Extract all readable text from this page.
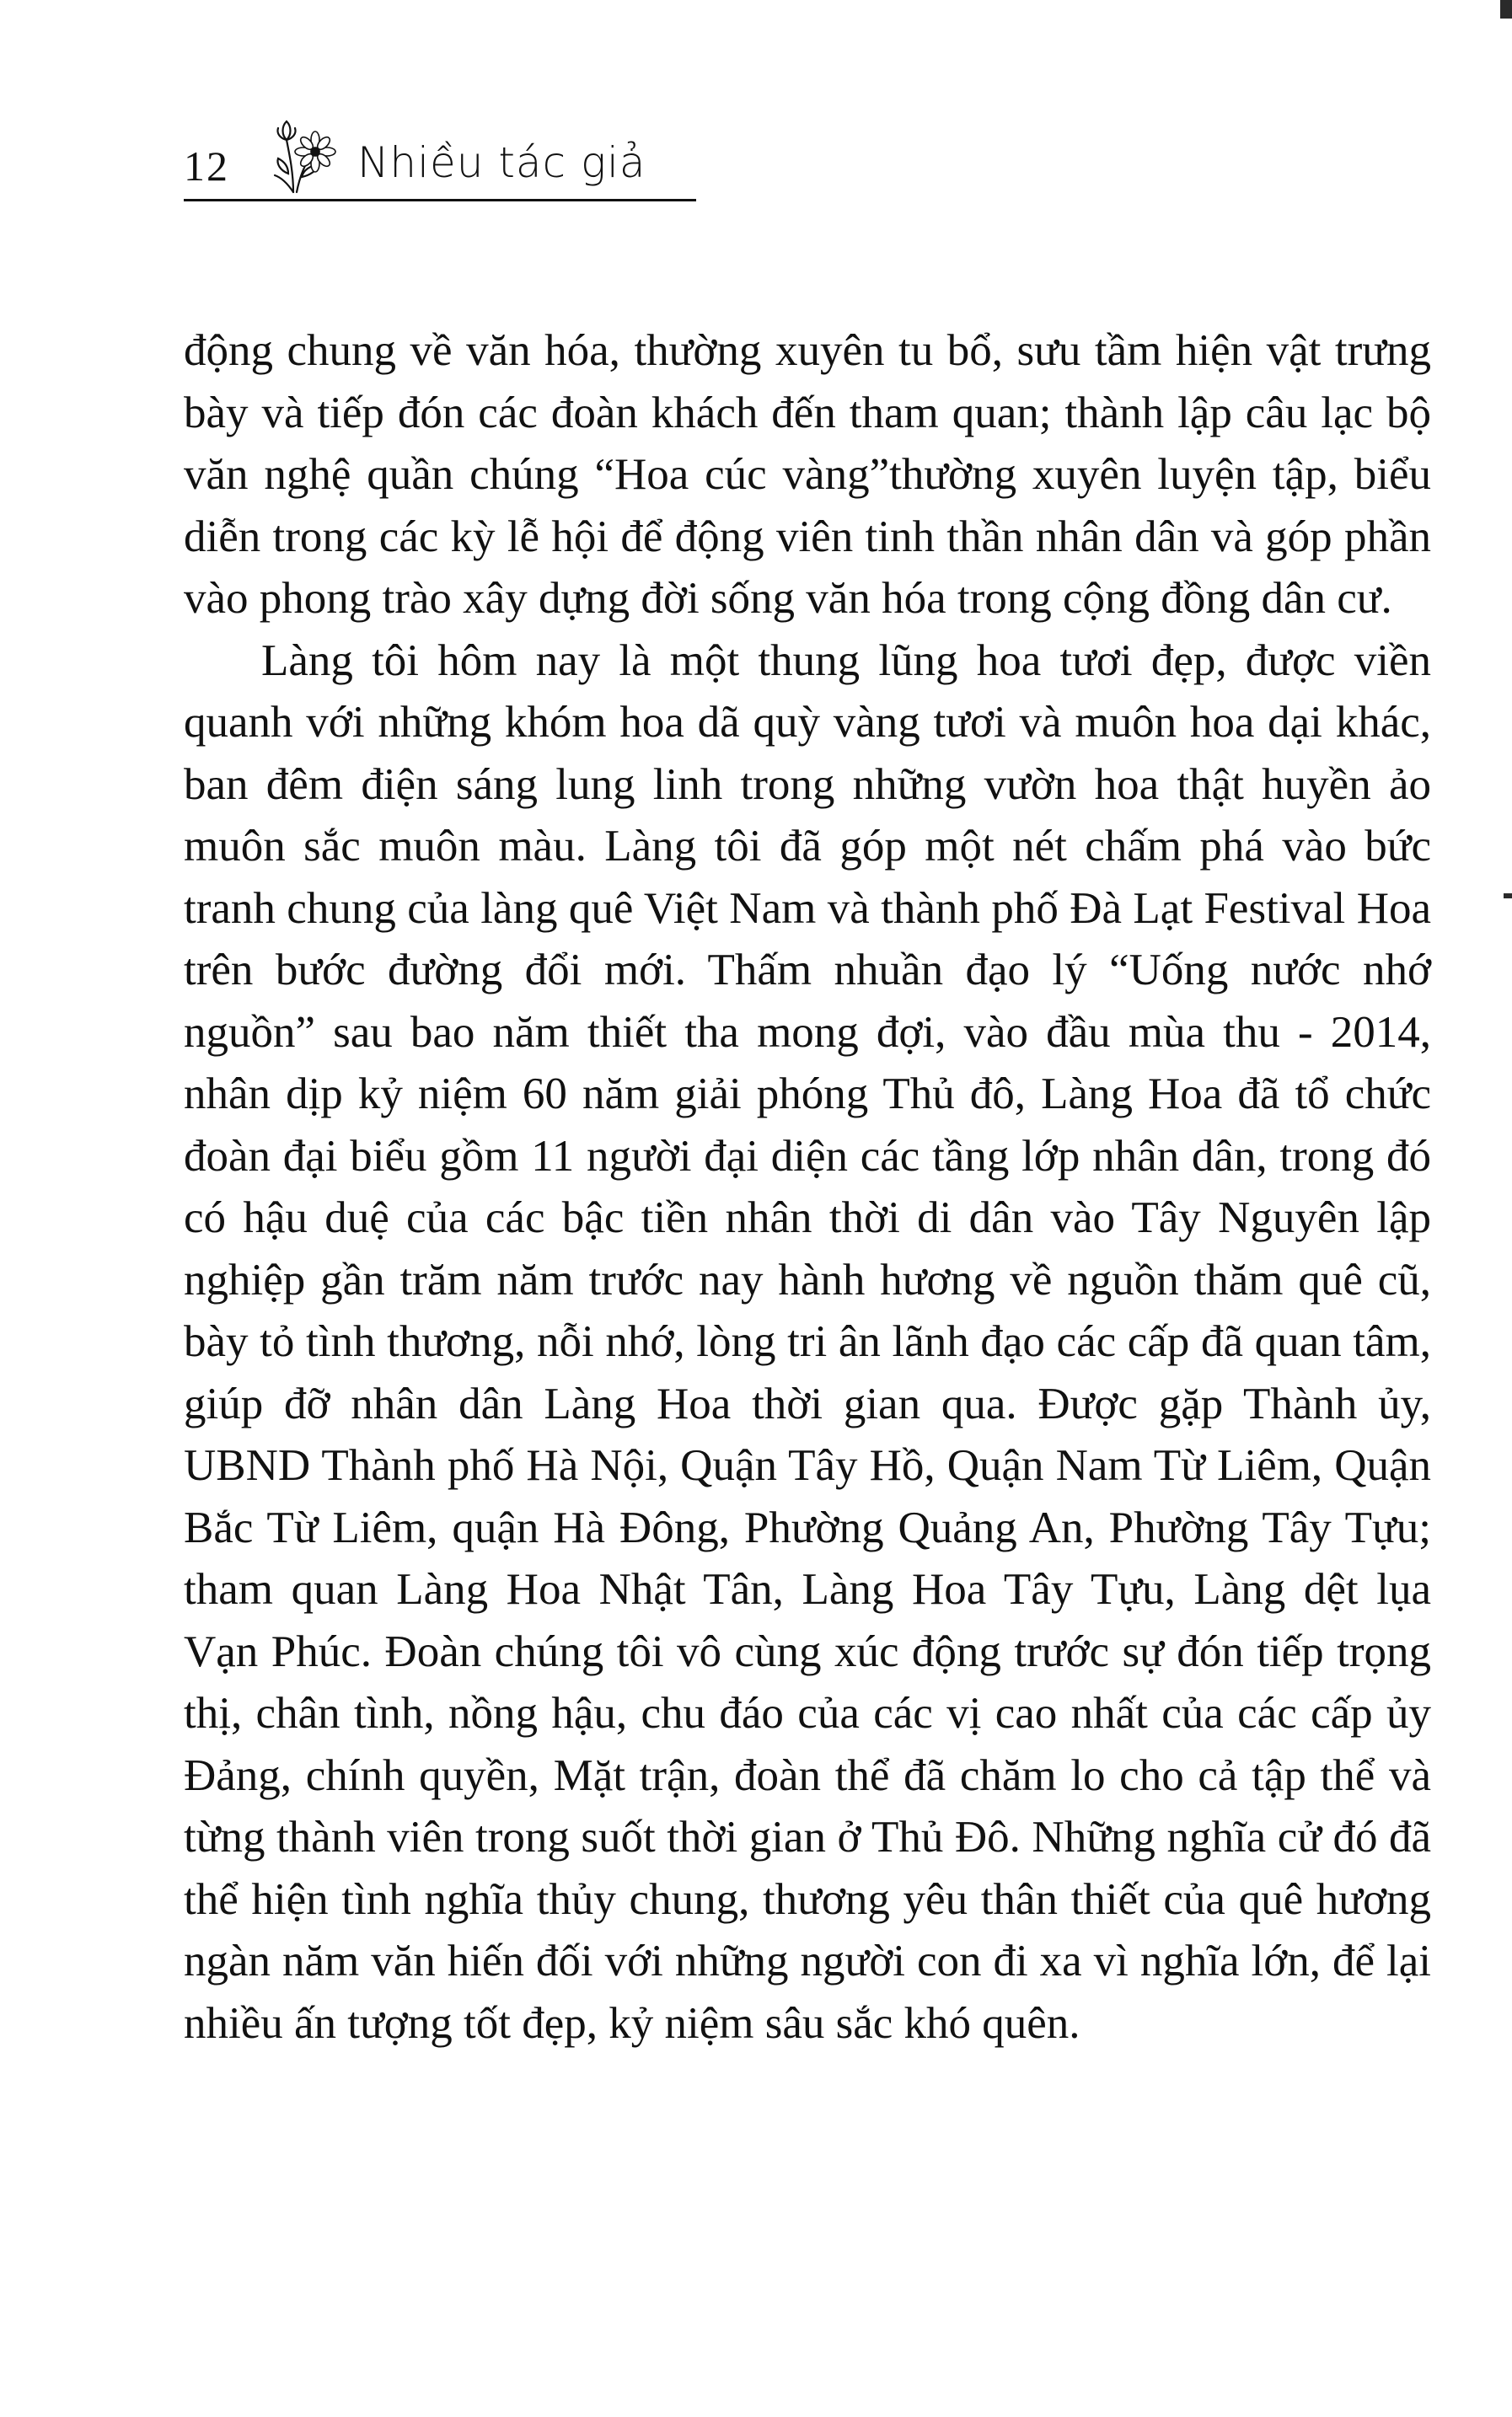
12	Nhiều tác giả

động chung về văn hóa, thường xuyên tu bổ, sưu tầm hiện vật trưng bày và tiếp đón các đoàn khách đến tham quan; thành lập câu lạc bộ văn nghệ quần chúng “Hoa cúc vàng”thường xuyên luyện tập, biểu diễn trong các kỳ lễ hội để động viên tinh thần nhân dân và góp phần vào phong trào xây dựng đời sống văn hóa trong cộng đồng dân cư.

Làng tôi hôm nay là một thung lũng hoa tươi đẹp, được viền quanh với những khóm hoa dã quỳ vàng tươi và muôn hoa dại khác, ban đêm điện sáng lung linh trong những vườn hoa thật huyền ảo muôn sắc muôn màu. Làng tôi đã góp một nét chấm phá vào bức tranh chung của làng quê Việt Nam và thành phố Đà Lạt Festival Hoa trên bước đường đổi mới. Thấm nhuần đạo lý “Uống nước nhớ nguồn” sau bao năm thiết tha mong đợi, vào đầu mùa thu - 2014, nhân dịp kỷ niệm 60 năm giải phóng Thủ đô, Làng Hoa đã tổ chức đoàn đại biểu gồm 11 người đại diện các tầng lớp nhân dân, trong đó có hậu duệ của các bậc tiền nhân thời di dân vào Tây Nguyên lập nghiệp gần trăm năm trước nay hành hương về nguồn thăm quê cũ, bày tỏ tình thương, nỗi nhớ, lòng tri ân lãnh đạo các cấp đã quan tâm, giúp đỡ nhân dân Làng Hoa thời gian qua. Được gặp Thành ủy, UBND Thành phố Hà Nội, Quận Tây Hồ, Quận Nam Từ Liêm, Quận Bắc Từ Liêm, quận Hà Đông, Phường Quảng An, Phường Tây Tựu; tham quan Làng Hoa Nhật Tân, Làng Hoa Tây Tựu, Làng dệt lụa Vạn Phúc. Đoàn chúng tôi vô cùng xúc động trước sự đón tiếp trọng thị, chân tình, nồng hậu, chu đáo của các vị cao nhất của các cấp ủy Đảng, chính quyền, Mặt trận, đoàn thể đã chăm lo cho cả tập thể và từng thành viên trong suốt thời gian ở Thủ Đô. Những nghĩa cử đó đã thể hiện tình nghĩa thủy chung, thương yêu thân thiết của quê hương ngàn năm văn hiến đối với những người con đi xa vì nghĩa lớn, để lại nhiều ấn tượng tốt đẹp, kỷ niệm sâu sắc khó quên.
